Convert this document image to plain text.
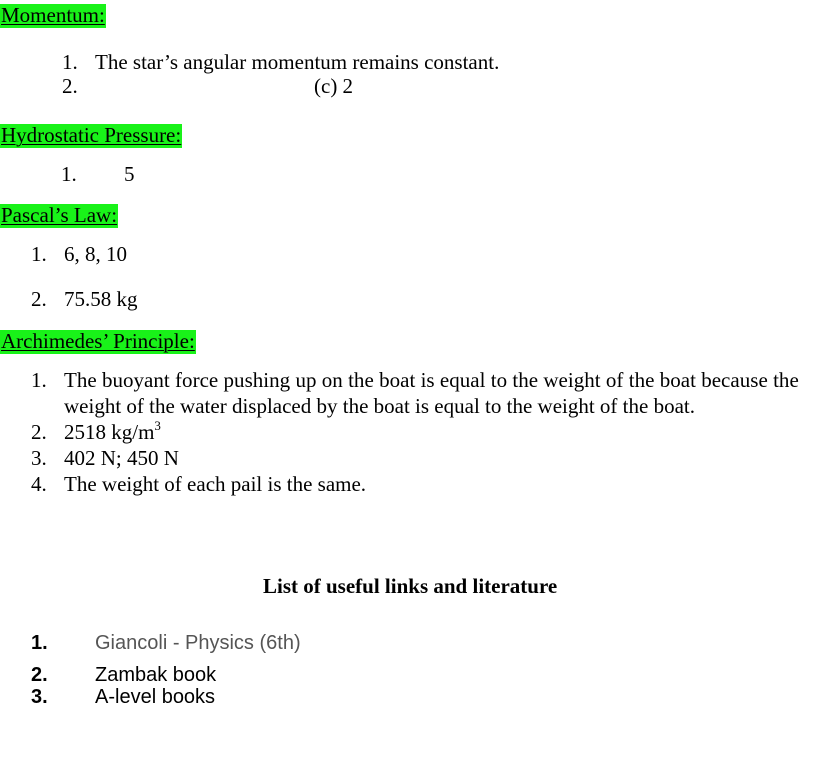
Momentum:
1. The star’s angular momentum remains constant.
2.	(c) 2
Hydrostatic Pressure:
1. 5
Pascal’s Law:
1. 6, 8, 10
2. 75.58 kg
Archimedes’ Principle:
1. The buoyant force pushing up on the boat is equal to the weight of the boat because the
weight of the water displaced by the boat is equal to the weight of the boat.
2. 2518 $kg/m^3$
3. 402 N; 450 N
4. The weight of each pail is the same.
List of useful links and literature
1. Giancoli - Physics (6th)
2. Zambak book
3. A-level books
